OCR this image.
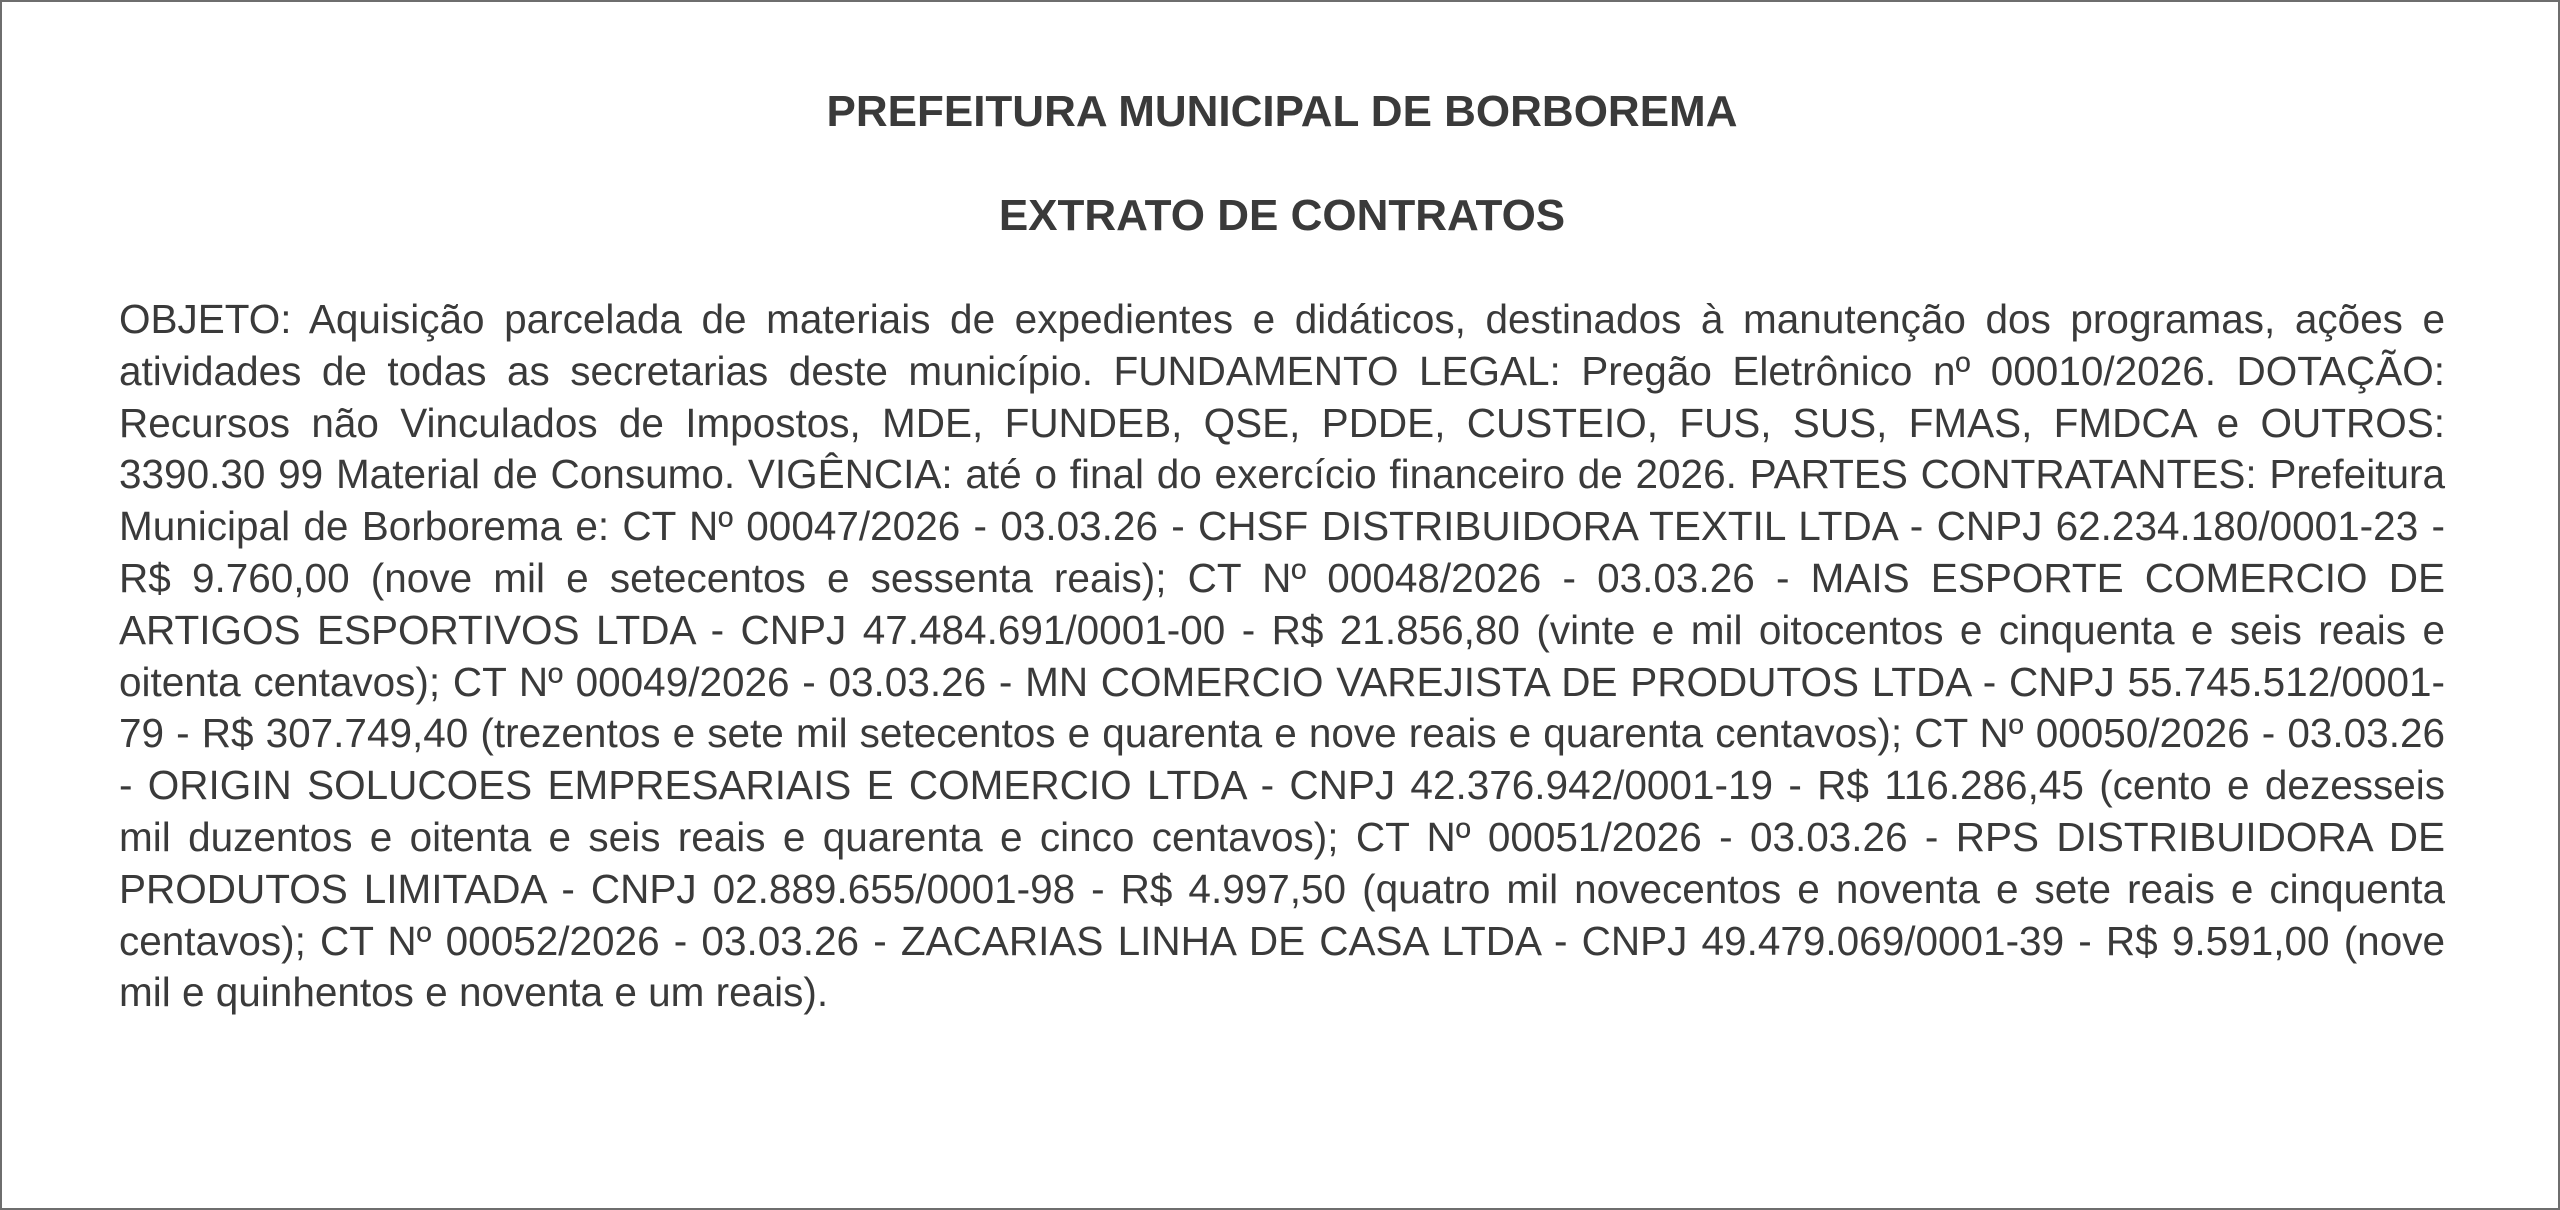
PREFEITURA MUNICIPAL DE BORBOREMA
EXTRATO DE CONTRATOS

OBJETO: Aquisição parcelada de materiais de expedientes e didáticos, destinados à manutenção dos programas, ações e atividades de todas as secretarias deste município. FUNDAMENTO LEGAL: Pregão Eletrônico nº 00010/2026. DOTAÇÃO: Recursos não Vinculados de Impostos, MDE, FUNDEB, QSE, PDDE, CUSTEIO, FUS, SUS, FMAS, FMDCA e OUTROS: 3390.30 99 Material de Consumo. VIGÊNCIA: até o final do exercício financeiro de 2026. PARTES CONTRATANTES: Prefeitura Municipal de Borborema e: CT Nº 00047/2026 - 03.03.26 - CHSF DISTRIBUIDORA TEXTIL LTDA - CNPJ 62.234.180/0001-23 - R$ 9.760,00 (nove mil e setecentos e sessenta reais); CT Nº 00048/2026 - 03.03.26 - MAIS ESPORTE COMERCIO DE ARTIGOS ESPORTIVOS LTDA - CNPJ 47.484.691/0001-00 - R$ 21.856,80 (vinte e mil oitocentos e cinquenta e seis reais e oitenta centavos); CT Nº 00049/2026 - 03.03.26 - MN COMERCIO VAREJISTA DE PRODUTOS LTDA - CNPJ 55.745.512/0001-79 - R$ 307.749,40 (trezentos e sete mil setecentos e quarenta e nove reais e quarenta centavos); CT Nº 00050/2026 - 03.03.26 - ORIGIN SOLUCOES EMPRESARIAIS E COMERCIO LTDA - CNPJ 42.376.942/0001-19 - R$ 116.286,45 (cento e dezesseis mil duzentos e oitenta e seis reais e quarenta e cinco centavos); CT Nº 00051/2026 - 03.03.26 - RPS DISTRIBUIDORA DE PRODUTOS LIMITADA - CNPJ 02.889.655/0001-98 - R$ 4.997,50 (quatro mil novecentos e noventa e sete reais e cinquenta centavos); CT Nº 00052/2026 - 03.03.26 - ZACARIAS LINHA DE CASA LTDA - CNPJ 49.479.069/0001-39 - R$ 9.591,00 (nove mil e quinhentos e noventa e um reais).
